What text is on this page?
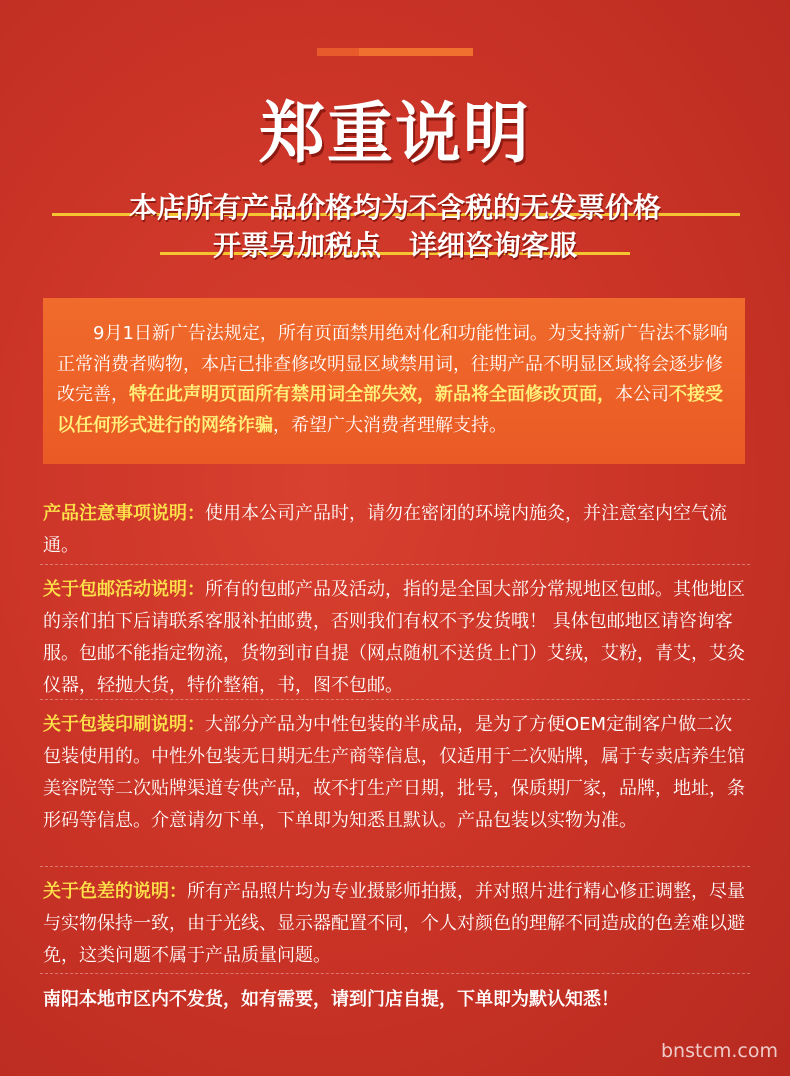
郑重说明
本店所有产品价格均为不含税的无发票价格
开票另加税点　详细咨询客服

9月1日新广告法规定，所有页面禁用绝对化和功能性词。为支持新广告法不影响正常消费者购物，本店已排查修改明显区域禁用词，往期产品不明显区域将会逐步修改完善，特在此声明页面所有禁用词全部失效，新品将全面修改页面，本公司不接受以任何形式进行的网络诈骗，希望广大消费者理解支持。

产品注意事项说明：使用本公司产品时，请勿在密闭的环境内施灸，并注意室内空气流通。
关于包邮活动说明：所有的包邮产品及活动，指的是全国大部分常规地区包邮。其他地区的亲们拍下后请联系客服补拍邮费，否则我们有权不予发货哦！ 具体包邮地区请咨询客服。包邮不能指定物流，货物到市自提（网点随机不送货上门）艾绒，艾粉，青艾，艾灸仪器，轻抛大货，特价整箱，书，图不包邮。
关于包装印刷说明：大部分产品为中性包装的半成品，是为了方便OEM定制客户做二次包装使用的。中性外包装无日期无生产商等信息，仅适用于二次贴牌，属于专卖店养生馆美容院等二次贴牌渠道专供产品，故不打生产日期，批号，保质期厂家，品牌，地址，条形码等信息。介意请勿下单，下单即为知悉且默认。产品包装以实物为准。
关于色差的说明：所有产品照片均为专业摄影师拍摄，并对照片进行精心修正调整，尽量与实物保持一致，由于光线、显示器配置不同，个人对颜色的理解不同造成的色差难以避免，这类问题不属于产品质量问题。
南阳本地市区内不发货，如有需要，请到门店自提，下单即为默认知悉！
bnstcm.com
